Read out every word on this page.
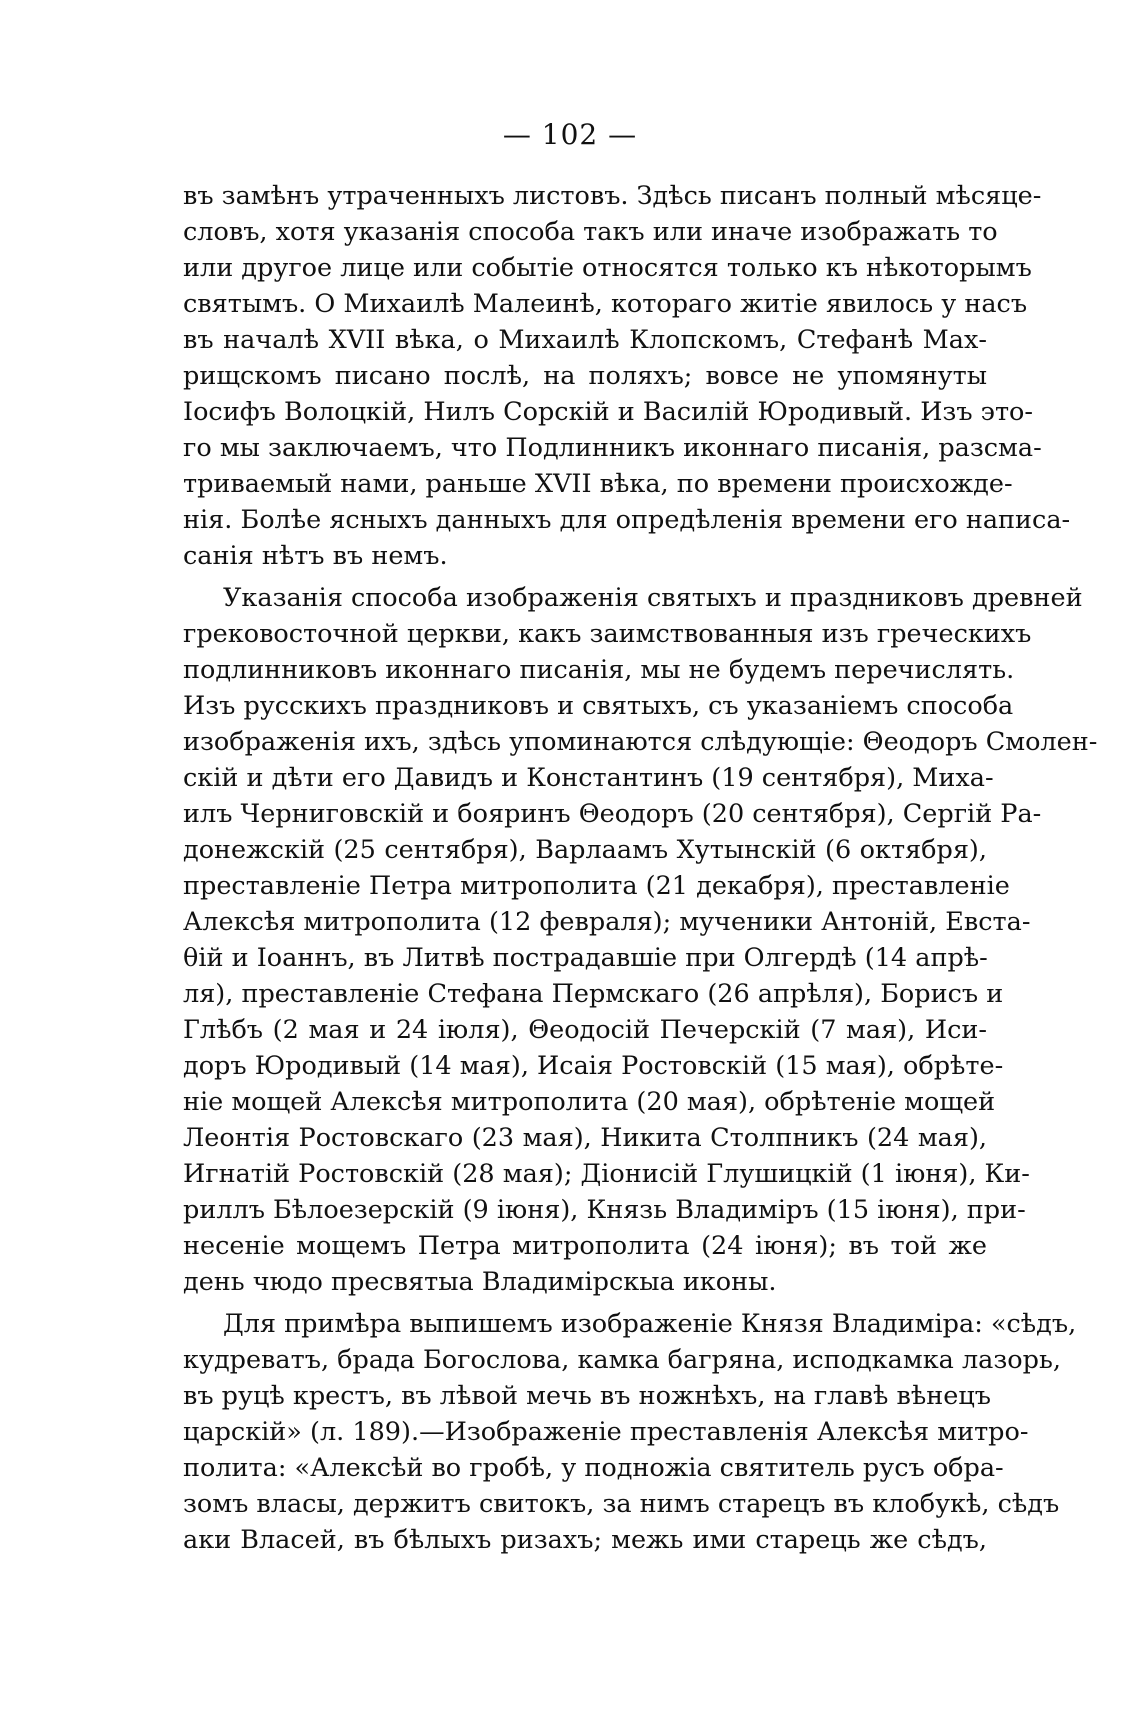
— 102 —
въ замѣнъ утраченныхъ листовъ. Здѣсь писанъ полный мѣсяце-
словъ, хотя указанія способа такъ или иначе изображать то
или другое лице или событіе относятся только къ нѣкоторымъ
святымъ. О Михаилѣ Малеинѣ, котораго житіе явилось у насъ
въ началѣ XVII вѣка, о Михаилѣ Клопскомъ, Стефанѣ Мах-
рищскомъ писано послѣ, на поляхъ; вовсе не упомянуты
Іосифъ Волоцкій, Нилъ Сорскій и Василій Юродивый. Изъ это-
го мы заключаемъ, что Подлинникъ иконнаго писанія, разсма-
триваемый нами, раньше XVII вѣка, по времени происхожде-
нія. Болѣе ясныхъ данныхъ для опредѣленія времени его написа-
санія нѣтъ въ немъ.
Указанія способа изображенія святыхъ и праздниковъ древней
грековосточной церкви, какъ заимствованныя изъ греческихъ
подлинниковъ иконнаго писанія, мы не будемъ перечислять.
Изъ русскихъ праздниковъ и святыхъ, съ указаніемъ способа
изображенія ихъ, здѣсь упоминаются слѣдующіе: Θеодоръ Смолен-
скій и дѣти его Давидъ и Константинъ (19 сентября), Миха-
илъ Черниговскій и бояринъ Θеодоръ (20 сентября), Сергій Ра-
донежскій (25 сентября), Варлаамъ Хутынскій (6 октября),
преставленіе Петра митрополита (21 декабря), преставленіе
Алексѣя митрополита (12 февраля); мученики Антоній, Евста-
θій и Іоаннъ, въ Литвѣ пострадавшіе при Олгердѣ (14 апрѣ-
ля), преставленіе Стефана Пермскаго (26 апрѣля), Борисъ и
Глѣбъ (2 мая и 24 іюля), Θеодосій Печерскій (7 мая), Иси-
доръ Юродивый (14 мая), Исаія Ростовскій (15 мая), обрѣте-
ніе мощей Алексѣя митрополита (20 мая), обрѣтеніе мощей
Леонтія Ростовскаго (23 мая), Никита Столпникъ (24 мая),
Игнатій Ростовскій (28 мая); Діонисій Глушицкій (1 іюня), Ки-
риллъ Бѣлоезерскій (9 іюня), Князь Владиміръ (15 іюня), при-
несеніе мощемъ Петра митрополита (24 іюня); въ той же
день чюдо пресвятыа Владимірскыа иконы.
Для примѣра выпишемъ изображеніе Князя Владиміра: «сѣдъ,
кудреватъ, брада Богослова, камка багряна, исподкамка лазорь,
въ руцѣ крестъ, въ лѣвой мечь въ ножнѣхъ, на главѣ вѣнецъ
царскій» (л. 189).—Изображеніе преставленія Алексѣя митро-
полита: «Алексѣй во гробѣ, у подножіа святитель русъ обра-
зомъ власы, держитъ свитокъ, за нимъ старецъ въ клобукѣ, сѣдъ
аки Власей, въ бѣлыхъ ризахъ; межь ими старець же сѣдъ,
